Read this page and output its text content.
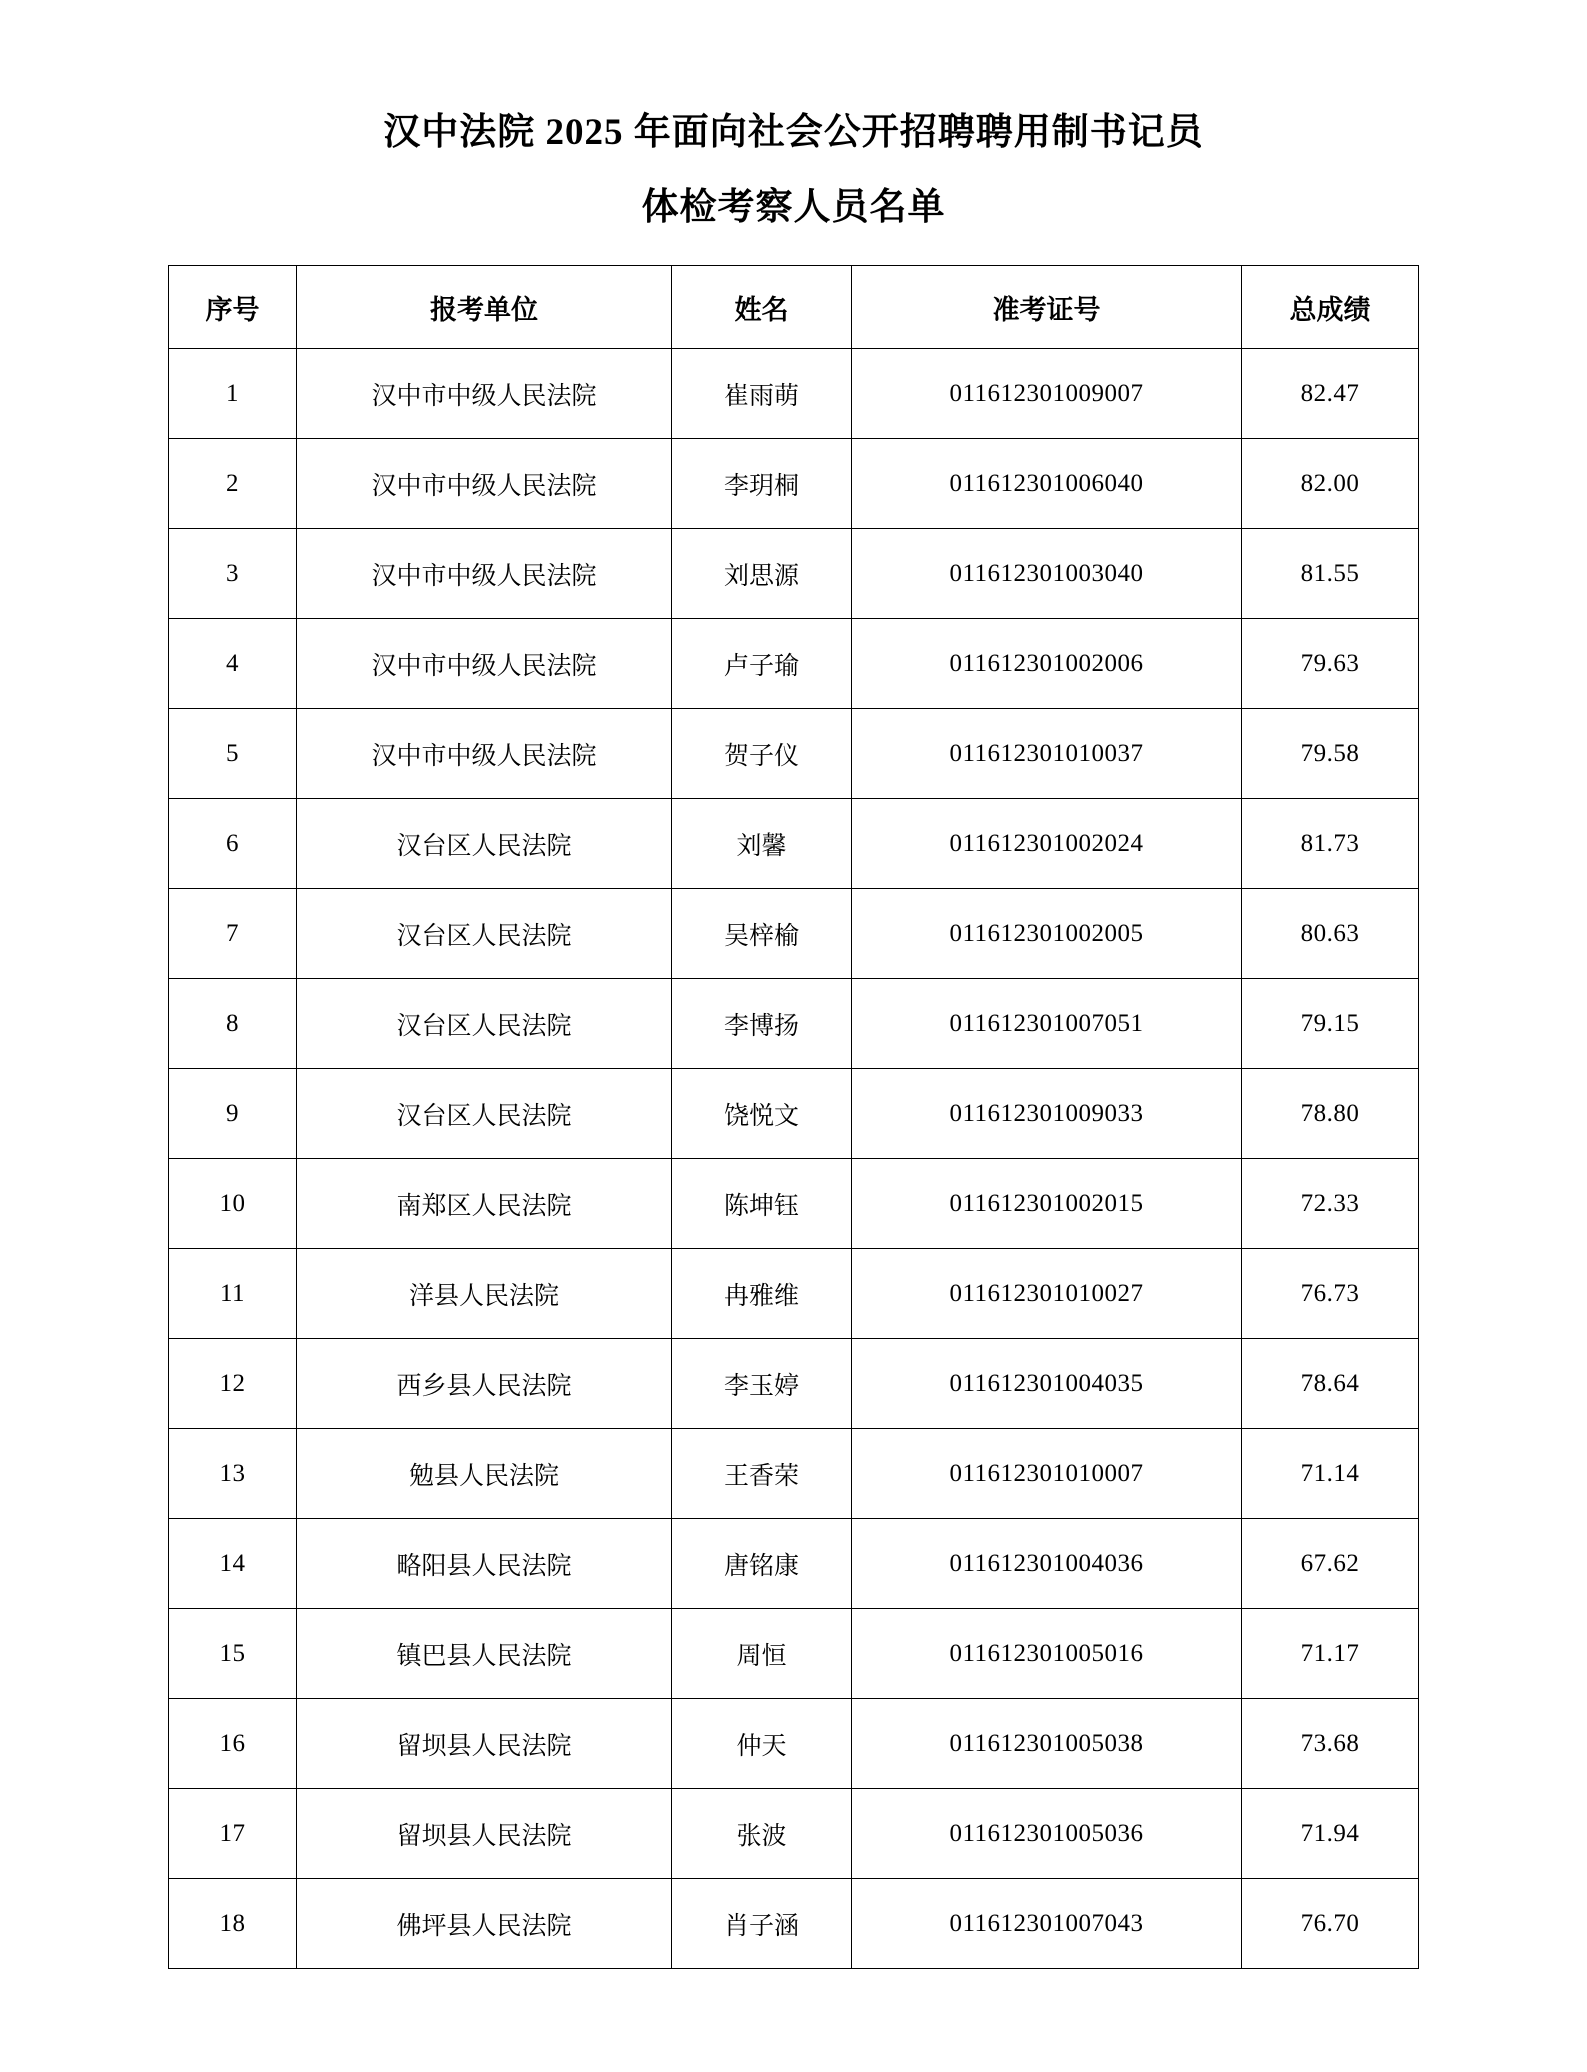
汉中法院 2025 年面向社会公开招聘聘用制书记员
体检考察人员名单
序号	报考单位	姓名	准考证号	总成绩
1	汉中市中级人民法院	崔雨萌	011612301009007	82.47
2	汉中市中级人民法院	李玥桐	011612301006040	82.00
3	汉中市中级人民法院	刘思源	011612301003040	81.55
4	汉中市中级人民法院	卢子瑜	011612301002006	79.63
5	汉中市中级人民法院	贺子仪	011612301010037	79.58
6	汉台区人民法院	刘馨	011612301002024	81.73
7	汉台区人民法院	吴梓榆	011612301002005	80.63
8	汉台区人民法院	李博扬	011612301007051	79.15
9	汉台区人民法院	饶悦文	011612301009033	78.80
10	南郑区人民法院	陈坤钰	011612301002015	72.33
11	洋县人民法院	冉雅维	011612301010027	76.73
12	西乡县人民法院	李玉婷	011612301004035	78.64
13	勉县人民法院	王香荣	011612301010007	71.14
14	略阳县人民法院	唐铭康	011612301004036	67.62
15	镇巴县人民法院	周恒	011612301005016	71.17
16	留坝县人民法院	仲天	011612301005038	73.68
17	留坝县人民法院	张波	011612301005036	71.94
18	佛坪县人民法院	肖子涵	011612301007043	76.70
